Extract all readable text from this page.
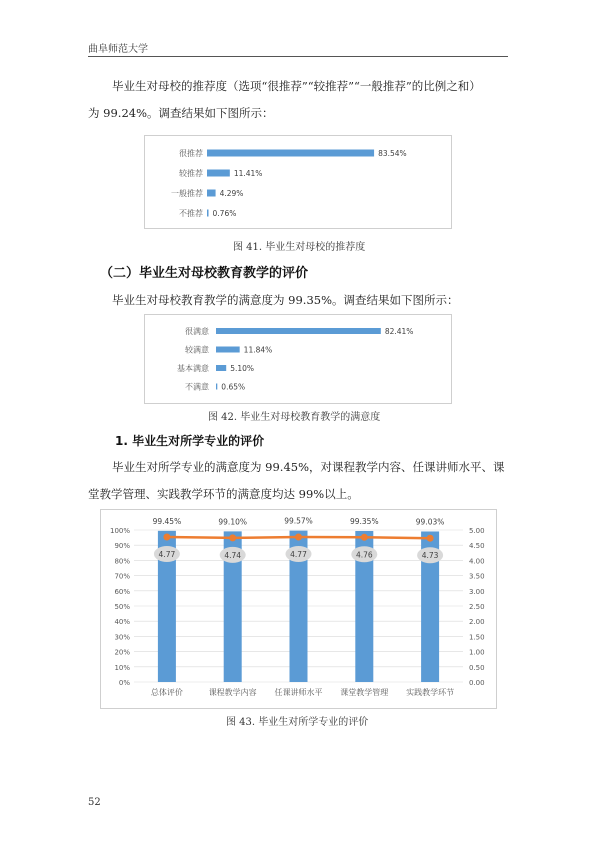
曲阜师范大学
毕业生对母校的推荐度（选项“很推荐”“较推荐”“一般推荐”的比例之和）
为 99.24%。调查结果如下图所示：
很推荐	83.54%
较推荐	11.41%
一般推荐 4.29%
不推荐 0.76%
图 41. 毕业生对母校的推荐度
（二）毕业生对母校教育教学的评价
毕业生对母校教育教学的满意度为 99.35%。调查结果如下图所示：
很满意	82.41%
较满意	11.84%
基本满意	5.10%
不满意 0.65%
图 42. 毕业生对母校教育教学的满意度
1. 毕业生对所学专业的评价
毕业生对所学专业的满意度为 99.45%，对课程教学内容、任课讲师水平、课
堂教学管理、实践教学环节的满意度均达 99%以上。
0%
10%
20%
30%
40%
50%
60%
70%
80%
90%
100%
0.00
0.50
1.00
1.50
2.00
2.50
3.00
3.50
4.00
4.50
5.00
99.45%
总体评价
99.10%
课程教学内容
99.57%
任课讲师水平
99.35%
课堂教学管理
99.03%
实践教学环节
4.77	4.74	4.77	4.76	4.73
图 43. 毕业生对所学专业的评价
52
